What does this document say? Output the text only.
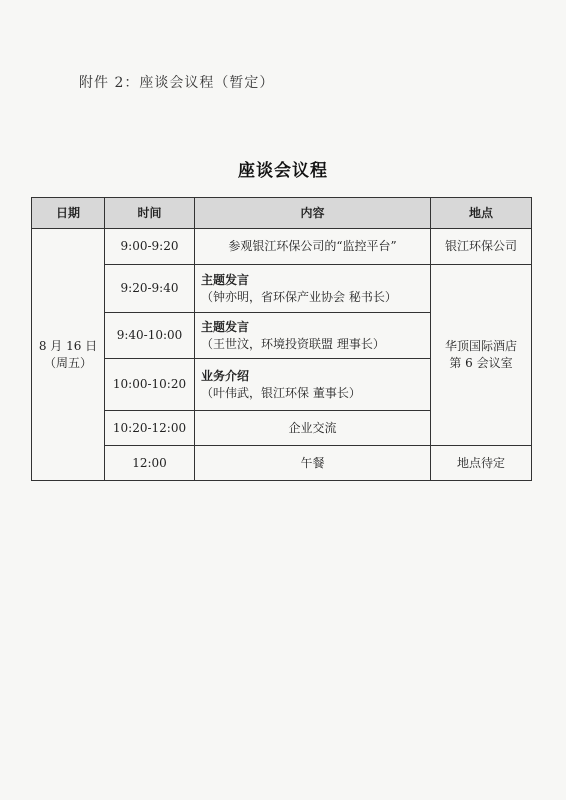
附件 2：座谈会议程（暂定）
座谈会议程
日期	时间	内容	地点

8 月 16 日
（周五）	9:00-9:20	参观银江环保公司的“监控平台”	银江环保公司
	9:20-9:40	主题发言
（钟亦明，省环保产业协会 秘书长）	华顶国际酒店
第 6 会议室

	9:40-10:00	主题发言
（王世汶，环境投资联盟 理事长）	

	10:00-10:20	业务介绍
（叶伟武，银江环保 董事长）	

	10:20-12:00	企业交流	
	12:00	午餐	地点待定
